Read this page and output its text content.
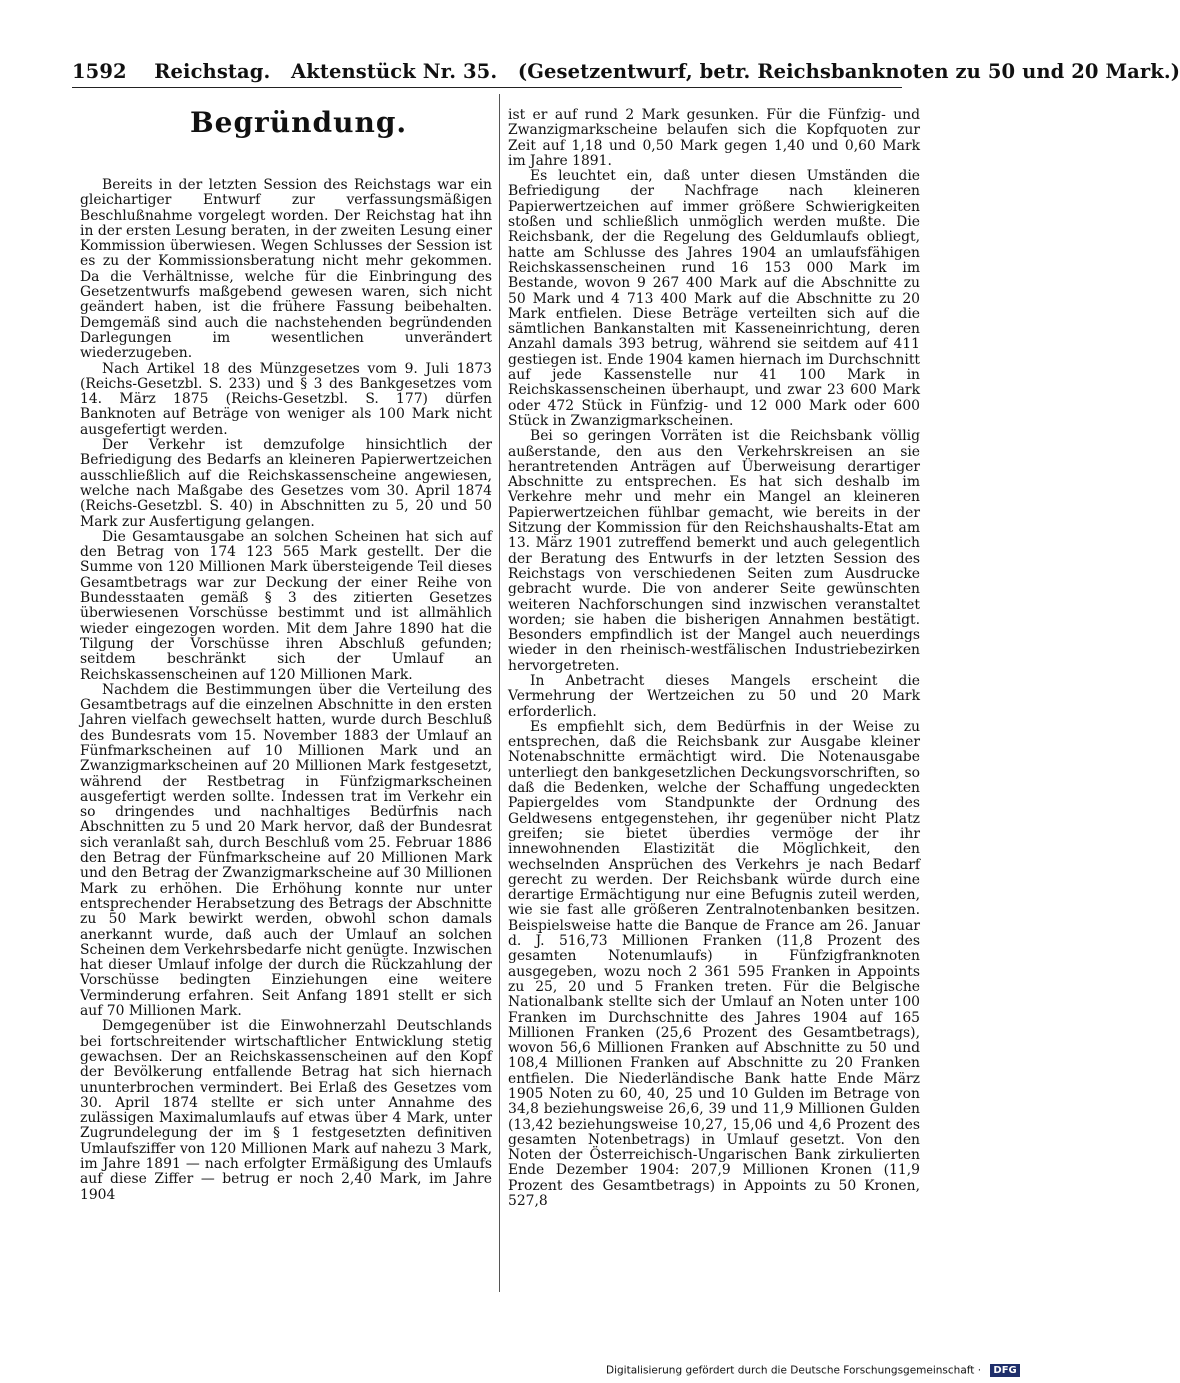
1592 Reichstag. Aktenstück Nr. 35. (Gesetzentwurf, betr. Reichsbanknoten zu 50 und 20 Mark.)
Begründung.

Bereits in der letzten Session des Reichstags war ein gleichartiger Entwurf zur verfassungsmäßigen Beschlußnahme vorgelegt worden. Der Reichstag hat ihn in der ersten Lesung beraten, in der zweiten Lesung einer Kommission überwiesen. Wegen Schlusses der Session ist es zu der Kommissionsberatung nicht mehr gekommen. Da die Verhältnisse, welche für die Einbringung des Gesetzentwurfs maßgebend gewesen waren, sich nicht geändert haben, ist die frühere Fassung beibehalten. Demgemäß sind auch die nachstehenden begründenden Darlegungen im wesentlichen unverändert wiederzugeben.

Nach Artikel 18 des Münzgesetzes vom 9. Juli 1873 (Reichs-Gesetzbl. S. 233) und § 3 des Bankgesetzes vom 14. März 1875 (Reichs-Gesetzbl. S. 177) dürfen Banknoten auf Beträge von weniger als 100 Mark nicht ausgefertigt werden.

Der Verkehr ist demzufolge hinsichtlich der Befriedigung des Bedarfs an kleineren Papierwertzeichen ausschließlich auf die Reichskassenscheine angewiesen, welche nach Maßgabe des Gesetzes vom 30. April 1874 (Reichs-Gesetzbl. S. 40) in Abschnitten zu 5, 20 und 50 Mark zur Ausfertigung gelangen.

Die Gesamtausgabe an solchen Scheinen hat sich auf den Betrag von 174 123 565 Mark gestellt. Der die Summe von 120 Millionen Mark übersteigende Teil dieses Gesamtbetrags war zur Deckung der einer Reihe von Bundesstaaten gemäß § 3 des zitierten Gesetzes überwiesenen Vorschüsse bestimmt und ist allmählich wieder eingezogen worden. Mit dem Jahre 1890 hat die Tilgung der Vorschüsse ihren Abschluß gefunden; seitdem beschränkt sich der Umlauf an Reichskassenscheinen auf 120 Millionen Mark.

Nachdem die Bestimmungen über die Verteilung des Gesamtbetrags auf die einzelnen Abschnitte in den ersten Jahren vielfach gewechselt hatten, wurde durch Beschluß des Bundesrats vom 15. November 1883 der Umlauf an Fünfmarkscheinen auf 10 Millionen Mark und an Zwanzigmarkscheinen auf 20 Millionen Mark festgesetzt, während der Restbetrag in Fünfzigmarkscheinen ausgefertigt werden sollte. Indessen trat im Verkehr ein so dringendes und nachhaltiges Bedürfnis nach Abschnitten zu 5 und 20 Mark hervor, daß der Bundesrat sich veranlaßt sah, durch Beschluß vom 25. Februar 1886 den Betrag der Fünfmarkscheine auf 20 Millionen Mark und den Betrag der Zwanzigmarkscheine auf 30 Millionen Mark zu erhöhen. Die Erhöhung konnte nur unter entsprechender Herabsetzung des Betrags der Abschnitte zu 50 Mark bewirkt werden, obwohl schon damals anerkannt wurde, daß auch der Umlauf an solchen Scheinen dem Verkehrsbedarfe nicht genügte. Inzwischen hat dieser Umlauf infolge der durch die Rückzahlung der Vorschüsse bedingten Einziehungen eine weitere Verminderung erfahren. Seit Anfang 1891 stellt er sich auf 70 Millionen Mark.

Demgegenüber ist die Einwohnerzahl Deutschlands bei fortschreitender wirtschaftlicher Entwicklung stetig gewachsen. Der an Reichskassenscheinen auf den Kopf der Bevölkerung entfallende Betrag hat sich hiernach ununterbrochen vermindert. Bei Erlaß des Gesetzes vom 30. April 1874 stellte er sich unter Annahme des zulässigen Maximalumlaufs auf etwas über 4 Mark, unter Zugrundelegung der im § 1 festgesetzten definitiven Umlaufsziffer von 120 Millionen Mark auf nahezu 3 Mark, im Jahre 1891 — nach erfolgter Ermäßigung des Umlaufs auf diese Ziffer — betrug er noch 2,40 Mark, im Jahre 1904

ist er auf rund 2 Mark gesunken. Für die Fünfzig- und Zwanzigmarkscheine belaufen sich die Kopfquoten zur Zeit auf 1,18 und 0,50 Mark gegen 1,40 und 0,60 Mark im Jahre 1891.

Es leuchtet ein, daß unter diesen Umständen die Befriedigung der Nachfrage nach kleineren Papierwertzeichen auf immer größere Schwierigkeiten stoßen und schließlich unmöglich werden mußte. Die Reichsbank, der die Regelung des Geldumlaufs obliegt, hatte am Schlusse des Jahres 1904 an umlaufsfähigen Reichskassenscheinen rund 16 153 000 Mark im Bestande, wovon 9 267 400 Mark auf die Abschnitte zu 50 Mark und 4 713 400 Mark auf die Abschnitte zu 20 Mark entfielen. Diese Beträge verteilten sich auf die sämtlichen Bankanstalten mit Kasseneinrichtung, deren Anzahl damals 393 betrug, während sie seitdem auf 411 gestiegen ist. Ende 1904 kamen hiernach im Durchschnitt auf jede Kassenstelle nur 41 100 Mark in Reichskassenscheinen überhaupt, und zwar 23 600 Mark oder 472 Stück in Fünfzig- und 12 000 Mark oder 600 Stück in Zwanzigmarkscheinen.

Bei so geringen Vorräten ist die Reichsbank völlig außerstande, den aus den Verkehrskreisen an sie herantretenden Anträgen auf Überweisung derartiger Abschnitte zu entsprechen. Es hat sich deshalb im Verkehre mehr und mehr ein Mangel an kleineren Papierwertzeichen fühlbar gemacht, wie bereits in der Sitzung der Kommission für den Reichshaushalts-Etat am 13. März 1901 zutreffend bemerkt und auch gelegentlich der Beratung des Entwurfs in der letzten Session des Reichstags von verschiedenen Seiten zum Ausdrucke gebracht wurde. Die von anderer Seite gewünschten weiteren Nachforschungen sind inzwischen veranstaltet worden; sie haben die bisherigen Annahmen bestätigt. Besonders empfindlich ist der Mangel auch neuerdings wieder in den rheinisch-westfälischen Industriebezirken hervorgetreten.

In Anbetracht dieses Mangels erscheint die Vermehrung der Wertzeichen zu 50 und 20 Mark erforderlich.

Es empfiehlt sich, dem Bedürfnis in der Weise zu entsprechen, daß die Reichsbank zur Ausgabe kleiner Notenabschnitte ermächtigt wird. Die Notenausgabe unterliegt den bankgesetzlichen Deckungsvorschriften, so daß die Bedenken, welche der Schaffung ungedeckten Papiergeldes vom Standpunkte der Ordnung des Geldwesens entgegenstehen, ihr gegenüber nicht Platz greifen; sie bietet überdies vermöge der ihr innewohnenden Elastizität die Möglichkeit, den wechselnden Ansprüchen des Verkehrs je nach Bedarf gerecht zu werden. Der Reichsbank würde durch eine derartige Ermächtigung nur eine Befugnis zuteil werden, wie sie fast alle größeren Zentralnotenbanken besitzen. Beispielsweise hatte die Banque de France am 26. Januar d. J. 516,73 Millionen Franken (11,8 Prozent des gesamten Notenumlaufs) in Fünfzigfranknoten ausgegeben, wozu noch 2 361 595 Franken in Appoints zu 25, 20 und 5 Franken treten. Für die Belgische Nationalbank stellte sich der Umlauf an Noten unter 100 Franken im Durchschnitte des Jahres 1904 auf 165 Millionen Franken (25,6 Prozent des Gesamtbetrags), wovon 56,6 Millionen Franken auf Abschnitte zu 50 und 108,4 Millionen Franken auf Abschnitte zu 20 Franken entfielen. Die Niederländische Bank hatte Ende März 1905 Noten zu 60, 40, 25 und 10 Gulden im Betrage von 34,8 beziehungsweise 26,6, 39 und 11,9 Millionen Gulden (13,42 beziehungsweise 10,27, 15,06 und 4,6 Prozent des gesamten Notenbetrags) in Umlauf gesetzt. Von den Noten der Österreichisch-Ungarischen Bank zirkulierten Ende Dezember 1904: 207,9 Millionen Kronen (11,9 Prozent des Gesamtbetrags) in Appoints zu 50 Kronen, 527,8

Digitalisierung gefördert durch die Deutsche Forschungsgemeinschaft · DFG
